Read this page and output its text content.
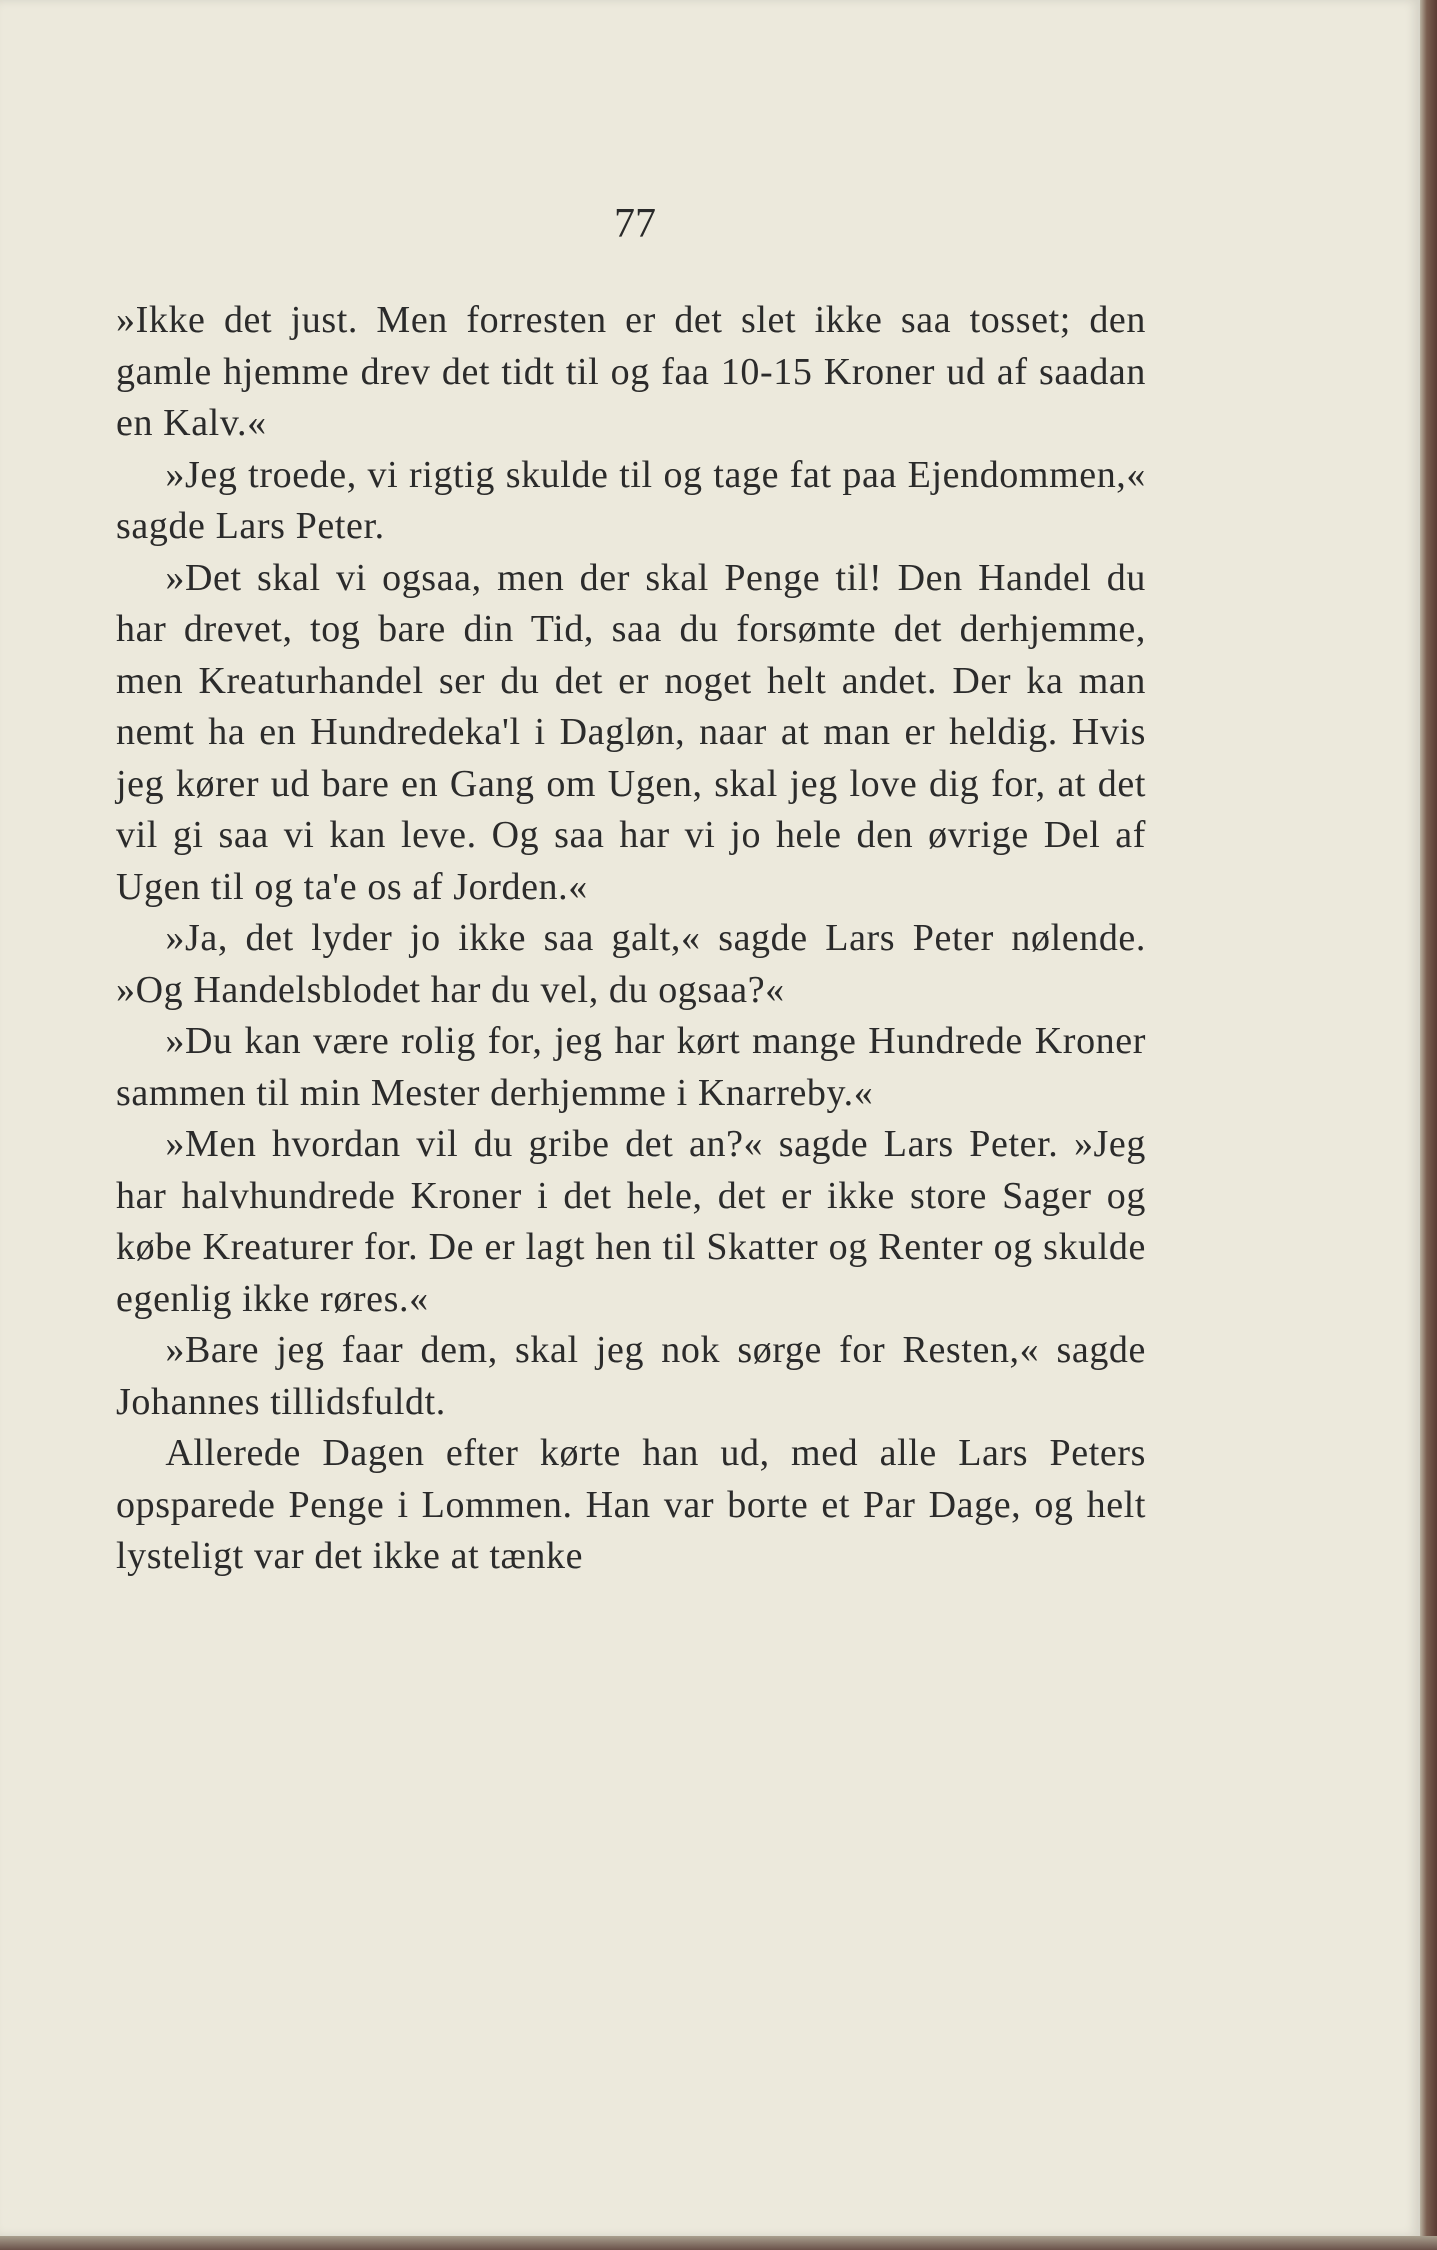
77

»Ikke det just. Men forresten er det slet ikke saa tosset; den gamle hjemme drev det tidt til og faa 10-15 Kroner ud af saadan en Kalv.«

»Jeg troede, vi rigtig skulde til og tage fat paa Ejendommen,« sagde Lars Peter.

»Det skal vi ogsaa, men der skal Penge til! Den Handel du har drevet, tog bare din Tid, saa du forsømte det derhjemme, men Kreaturhandel ser du det er noget helt andet. Der ka man nemt ha en Hundredeka'l i Dagløn, naar at man er heldig. Hvis jeg kører ud bare en Gang om Ugen, skal jeg love dig for, at det vil gi saa vi kan leve. Og saa har vi jo hele den øvrige Del af Ugen til og ta'e os af Jorden.«

»Ja, det lyder jo ikke saa galt,« sagde Lars Peter nølende. »Og Handelsblodet har du vel, du ogsaa?«

»Du kan være rolig for, jeg har kørt mange Hundrede Kroner sammen til min Mester derhjemme i Knarreby.«

»Men hvordan vil du gribe det an?« sagde Lars Peter. »Jeg har halvhundrede Kroner i det hele, det er ikke store Sager og købe Kreaturer for. De er lagt hen til Skatter og Renter og skulde egenlig ikke røres.«

»Bare jeg faar dem, skal jeg nok sørge for Resten,« sagde Johannes tillidsfuldt.

Allerede Dagen efter kørte han ud, med alle Lars Peters opsparede Penge i Lommen. Han var borte et Par Dage, og helt lysteligt var det ikke at tænke
